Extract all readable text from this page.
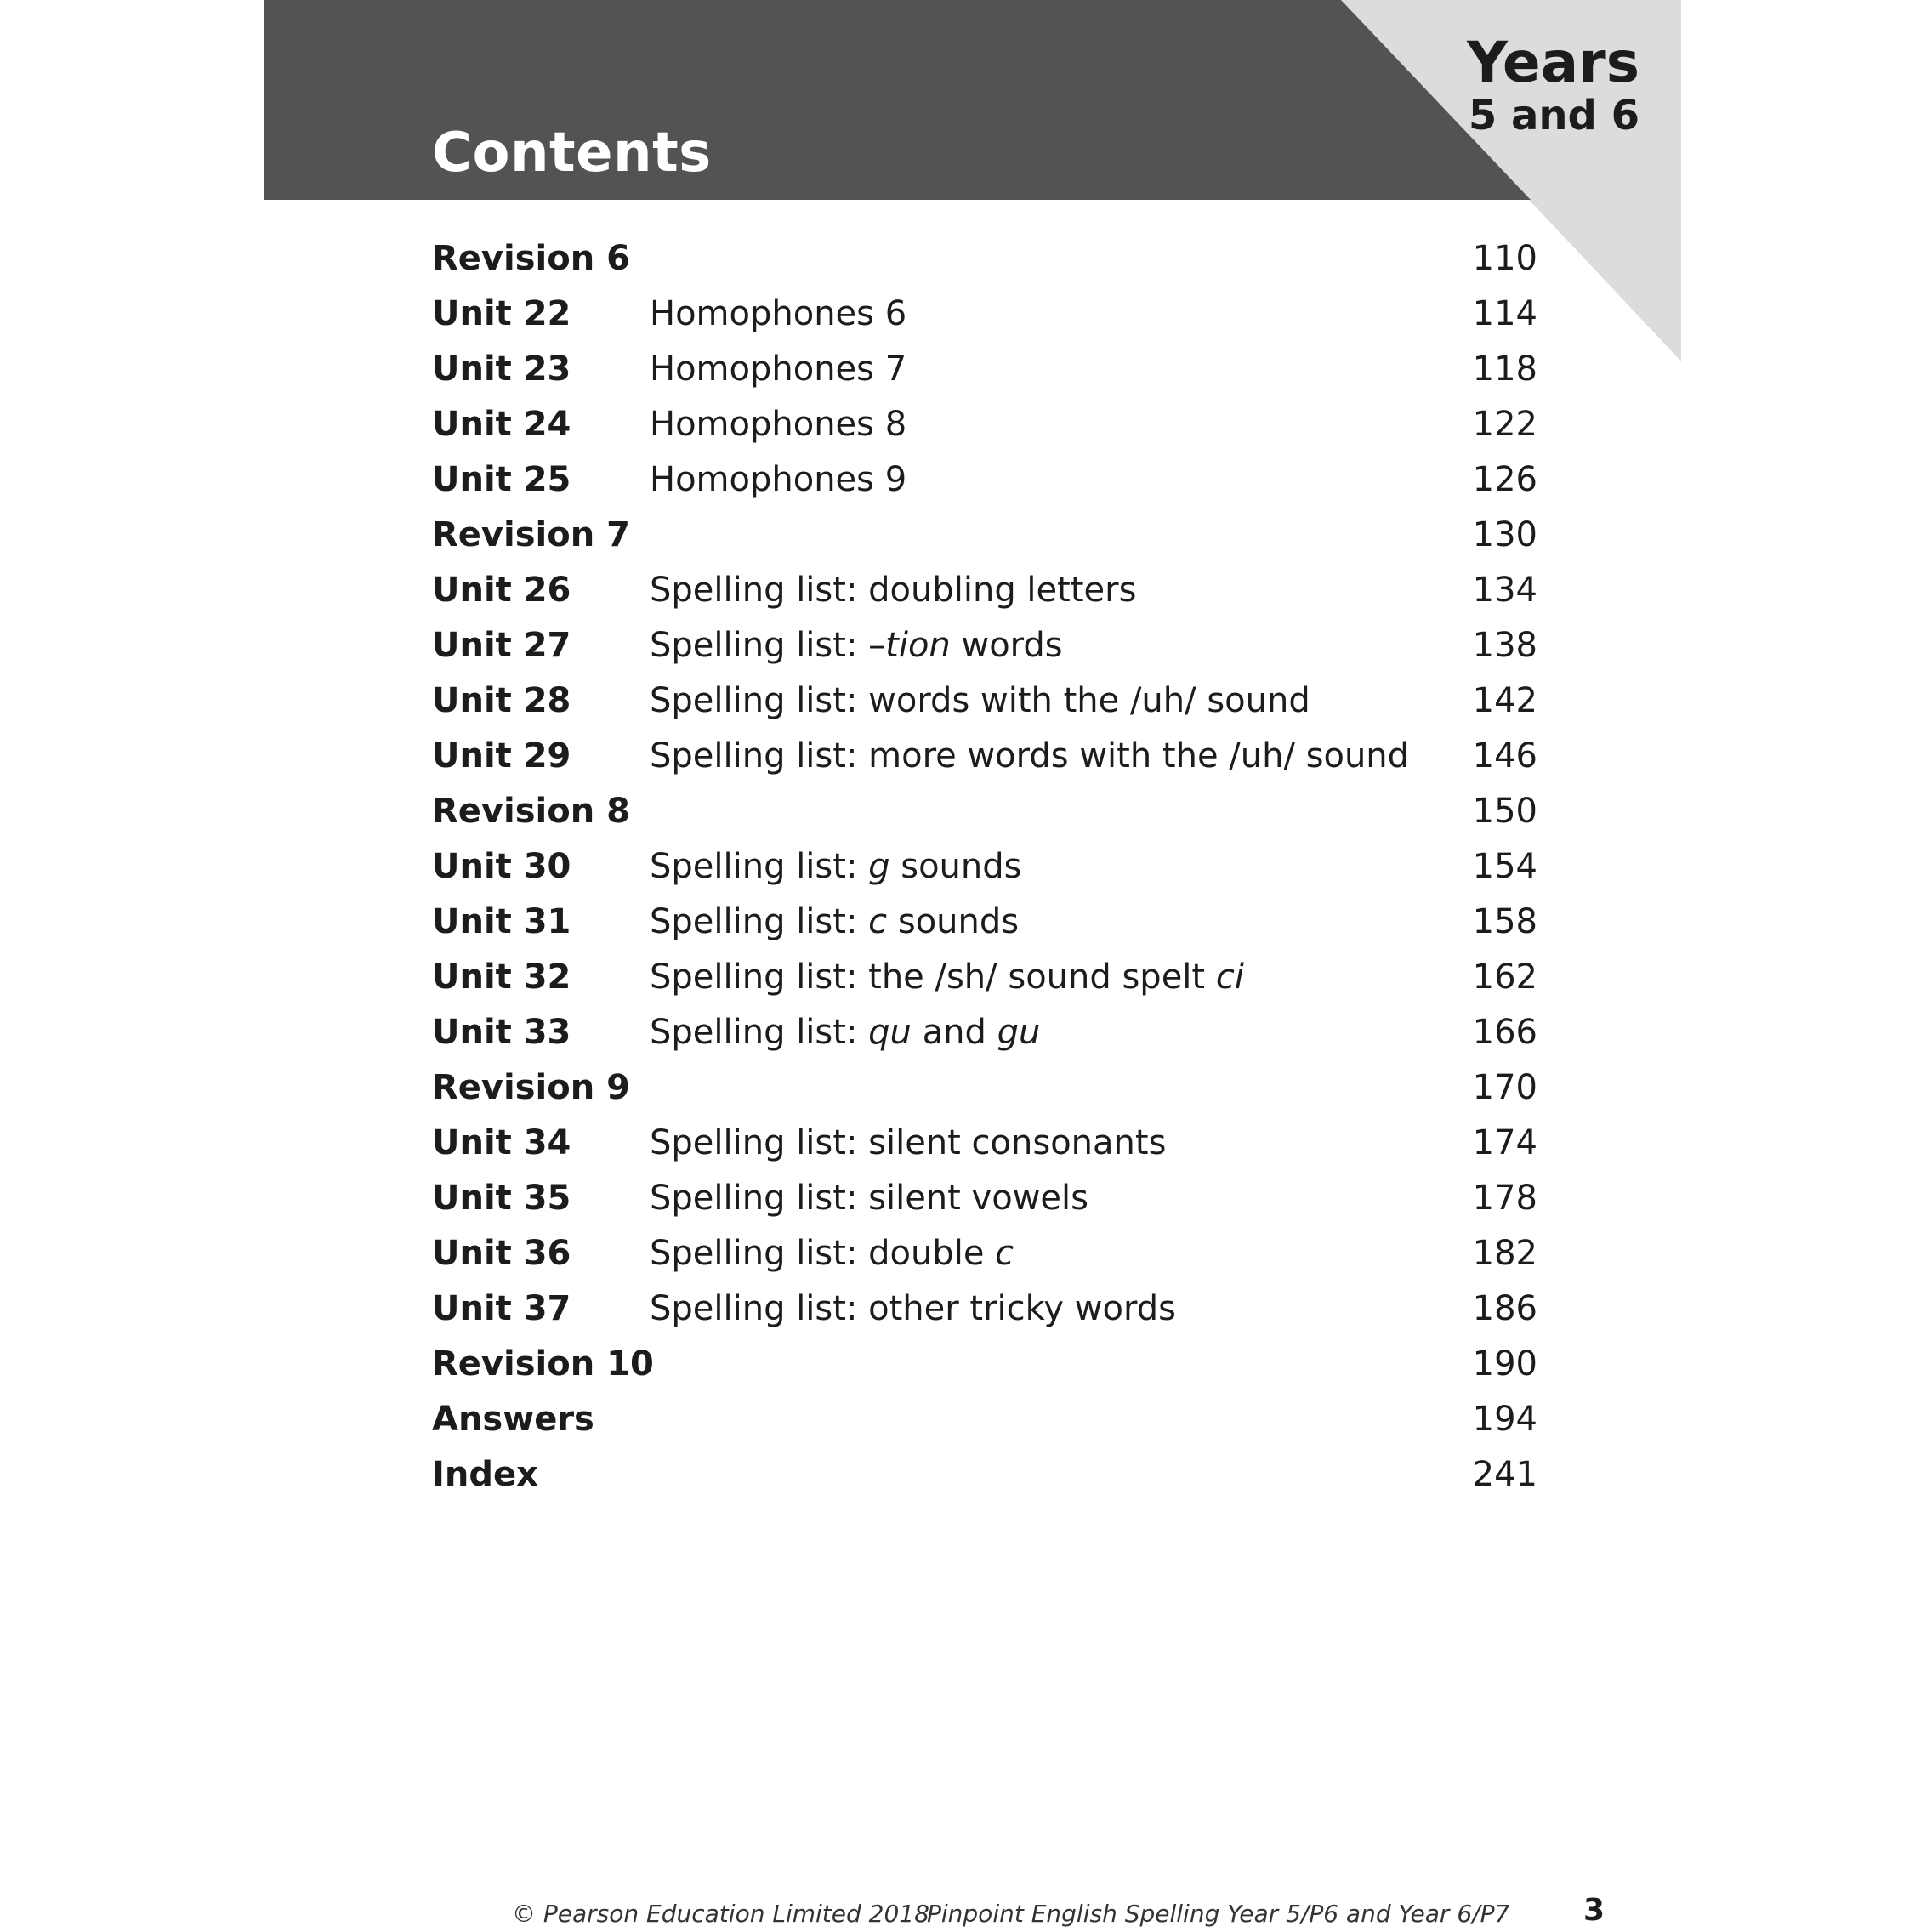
Contents
Years
5 and 6
Revision 6	110
Unit 22 Homophones 6	114
Unit 23 Homophones 7	118
Unit 24 Homophones 8	122
Unit 25 Homophones 9	126
Revision 7	130
Unit 26 Spelling list: doubling letters	134
Unit 27 Spelling list: –tion words	138
Unit 28 Spelling list: words with the /uh/ sound	142
Unit 29 Spelling list: more words with the /uh/ sound 146
Revision 8	150
Unit 30 Spelling list: g sounds	154
Unit 31 Spelling list: c sounds	158
Unit 32 Spelling list: the /sh/ sound spelt ci	162
Unit 33 Spelling list: qu and gu	166
Revision 9	170
Unit 34 Spelling list: silent consonants	174
Unit 35 Spelling list: silent vowels	178
Unit 36 Spelling list: double c	182
Unit 37 Spelling list: other tricky words	186
Revision 10	190
Answers	194
Index	241
© Pearson Education Limited 2018
Pinpoint English Spelling Year 5/P6 and Year 6/P7 3
